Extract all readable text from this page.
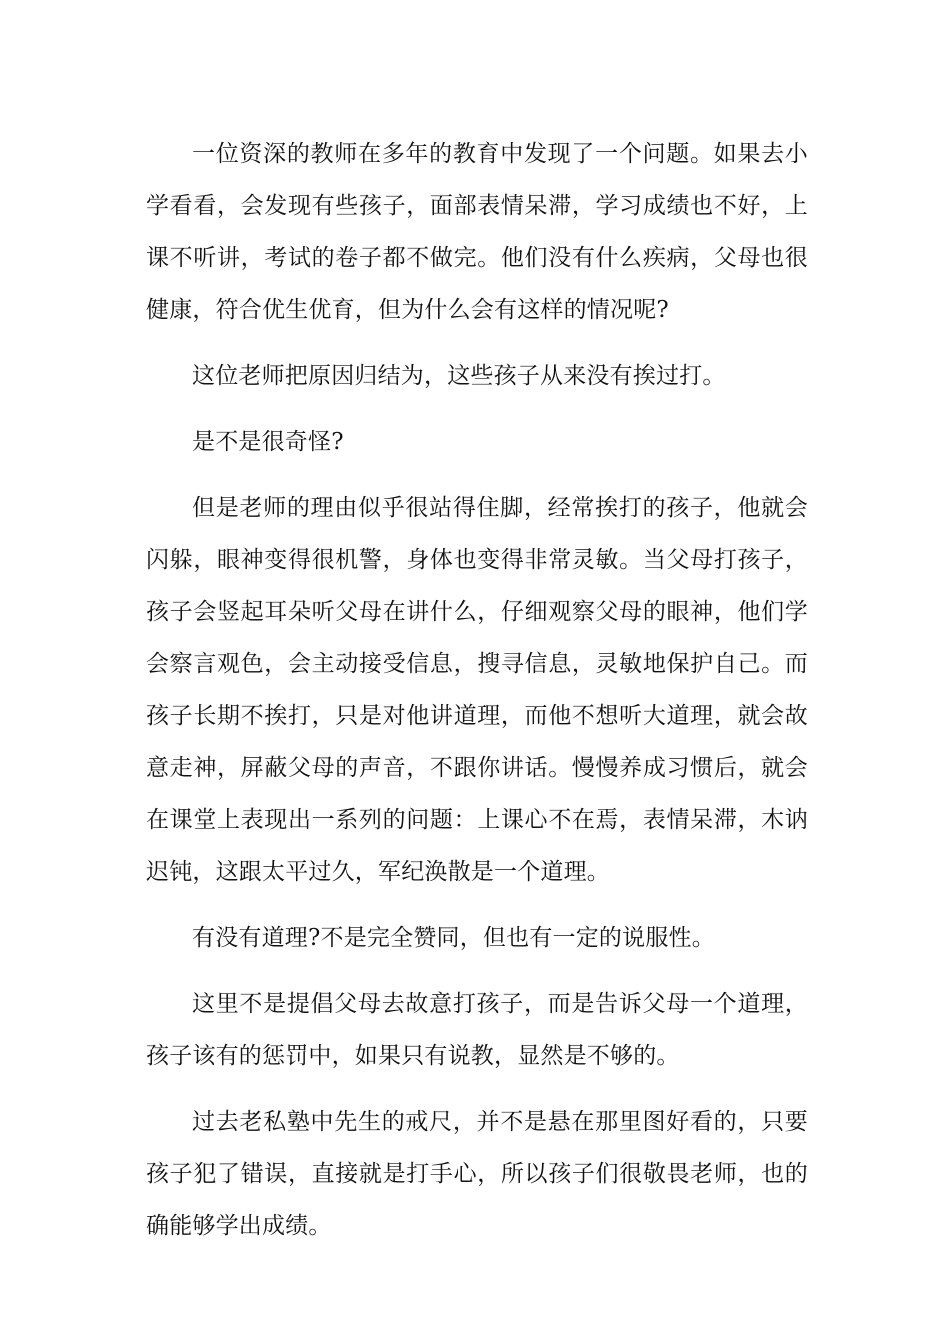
一位资深的教师在多年的教育中发现了一个问题。如果去小学看看，会发现有些孩子，面部表情呆滞，学习成绩也不好，上课不听讲，考试的卷子都不做完。他们没有什么疾病，父母也很健康，符合优生优育，但为什么会有这样的情况呢?

这位老师把原因归结为，这些孩子从来没有挨过打。

是不是很奇怪?

但是老师的理由似乎很站得住脚，经常挨打的孩子，他就会闪躲，眼神变得很机警，身体也变得非常灵敏。当父母打孩子，孩子会竖起耳朵听父母在讲什么，仔细观察父母的眼神，他们学会察言观色，会主动接受信息，搜寻信息，灵敏地保护自己。而孩子长期不挨打，只是对他讲道理，而他不想听大道理，就会故意走神，屏蔽父母的声音，不跟你讲话。慢慢养成习惯后，就会在课堂上表现出一系列的问题：上课心不在焉，表情呆滞，木讷迟钝，这跟太平过久，军纪涣散是一个道理。

有没有道理?不是完全赞同，但也有一定的说服性。

这里不是提倡父母去故意打孩子，而是告诉父母一个道理，孩子该有的惩罚中，如果只有说教，显然是不够的。

过去老私塾中先生的戒尺，并不是悬在那里图好看的，只要孩子犯了错误，直接就是打手心，所以孩子们很敬畏老师，也的确能够学出成绩。
